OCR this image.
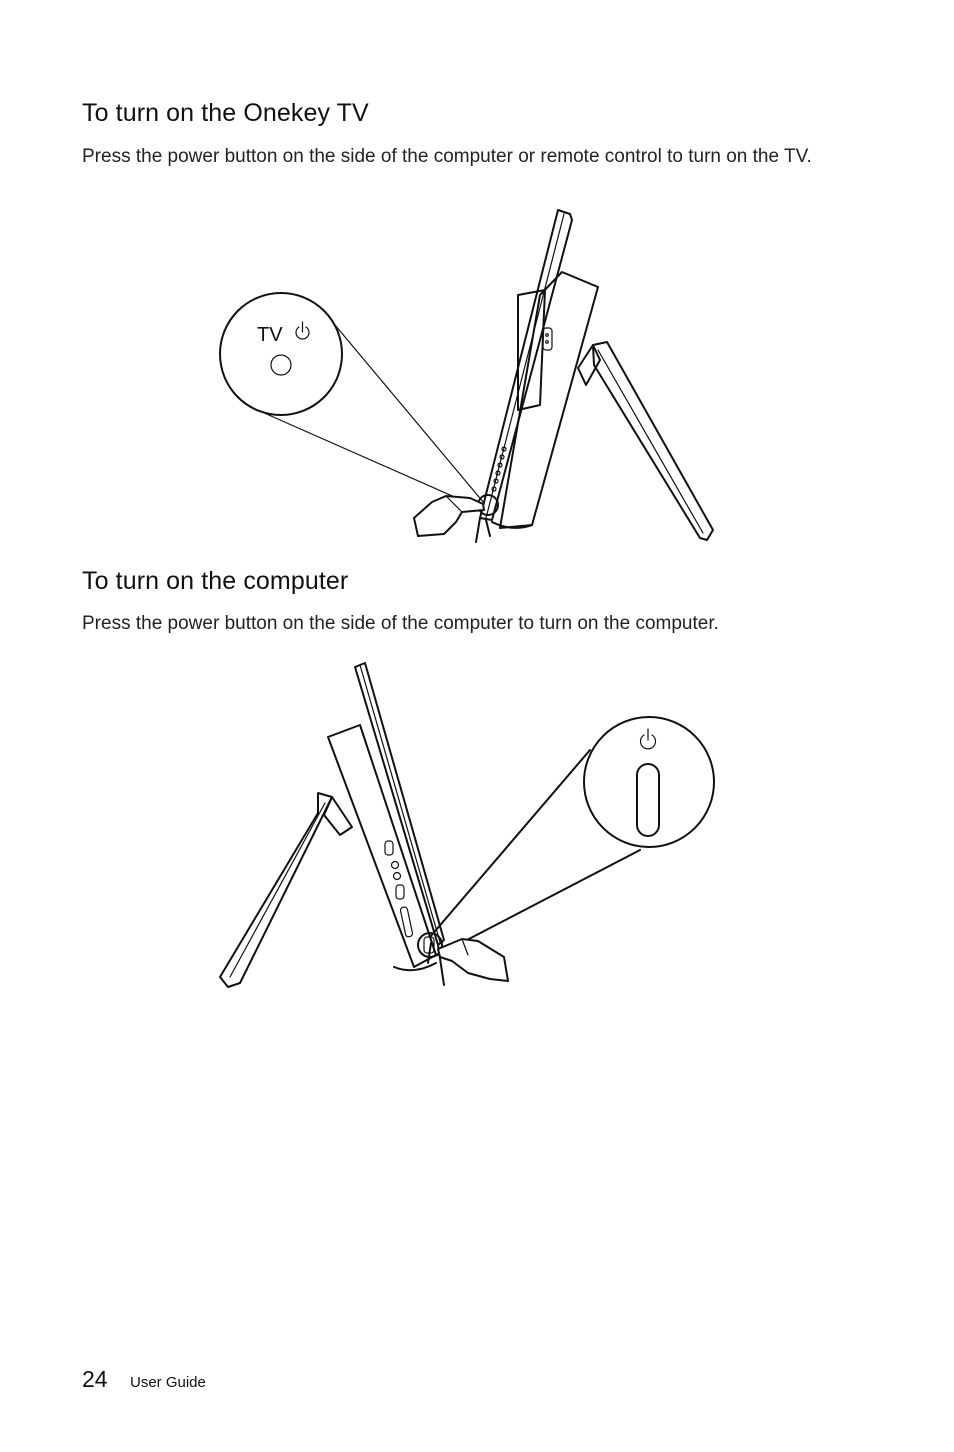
To turn on the Onekey TV

Press the power button on the side of the computer or remote control to turn on the TV.

TV
To turn on the computer

Press the power button on the side of the computer to turn on the computer.

24 User Guide
